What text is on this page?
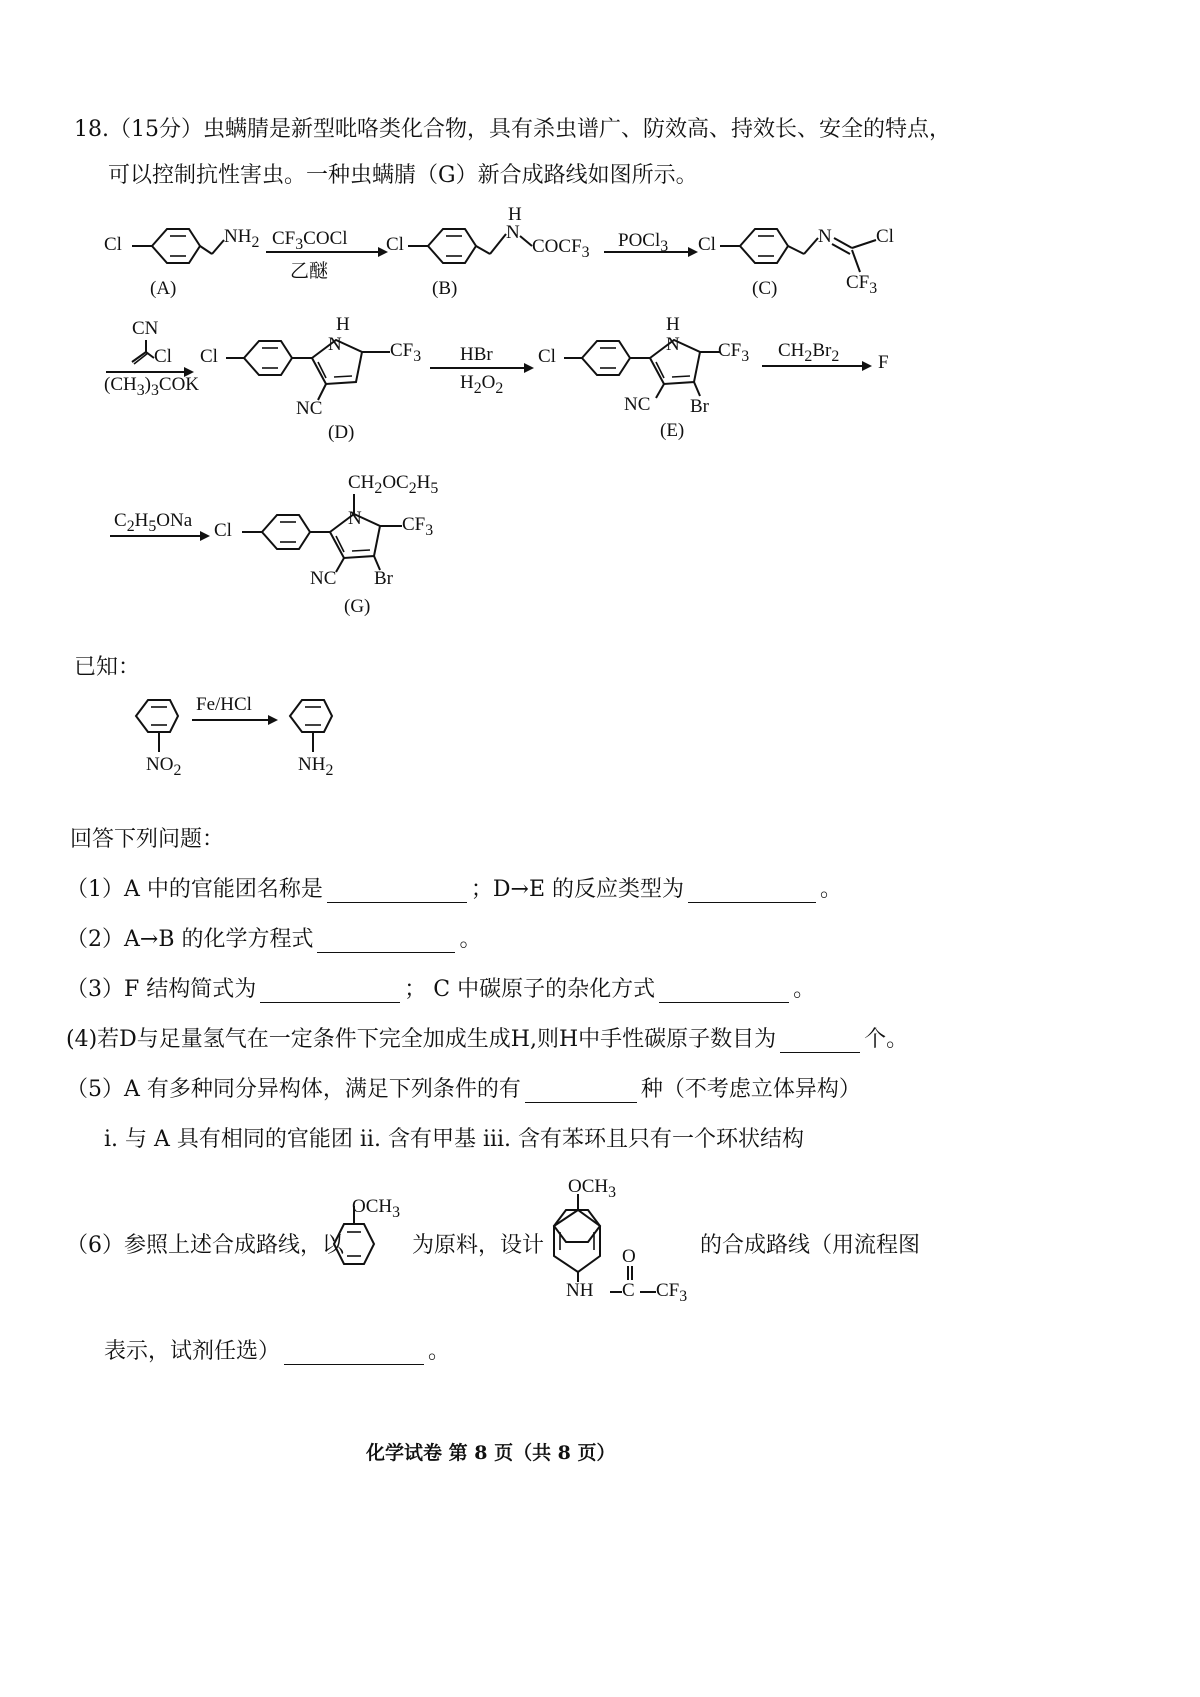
18.（15分）虫螨腈是新型吡咯类化合物，具有杀虫谱广、防效高、持效长、安全的特点，
可以控制抗性害虫。一种虫螨腈（G）新合成路线如图所示。
Cl	$NH_2$
(A)
$CF_3COCl$
乙醚
Cl
H
N
$COCF_3$
(B)
POCl$_3$ Cl	N Cl
$CF_3$
(C)
CN
Cl
$(CH_3)_3COK$
Cl
H
N	$CF_3$
NC
(D)
HBr
$H_2O_2$
Cl
H
N $CF_3$
NC Br
(E)
$CH_2Br_2$ F
$C_2H_5ONa$ Cl
$CH_2OC_2H_5$
N $CF_3$
NC Br
(G)
已知：
Fe/HCl
$NO_2$	$NH_2$
回答下列问题：
（1）A 中的官能团名称是	；D→E 的反应类型为	。
（2）A→B 的化学方程式	。
（3）F 结构简式为	； C 中碳原子的杂化方式	。
(4)若D与足量氢气在一定条件下完全加成生成H,则H中手性碳原子数目为	个。
（5）A 有多种同分异构体，满足下列条件的有	种（不考虑立体异构）
i. 与 A 具有相同的官能团 ii. 含有甲基 iii. 含有苯环且只有一个环状结构
（6）参照上述合成路线，以
$OCH_3$
为原料，设计
$OCH_3$
O
NH C $CF_3$
的合成路线（用流程图
表示，试剂任选）	。
化学试卷 第 8 页（共 8 页）
